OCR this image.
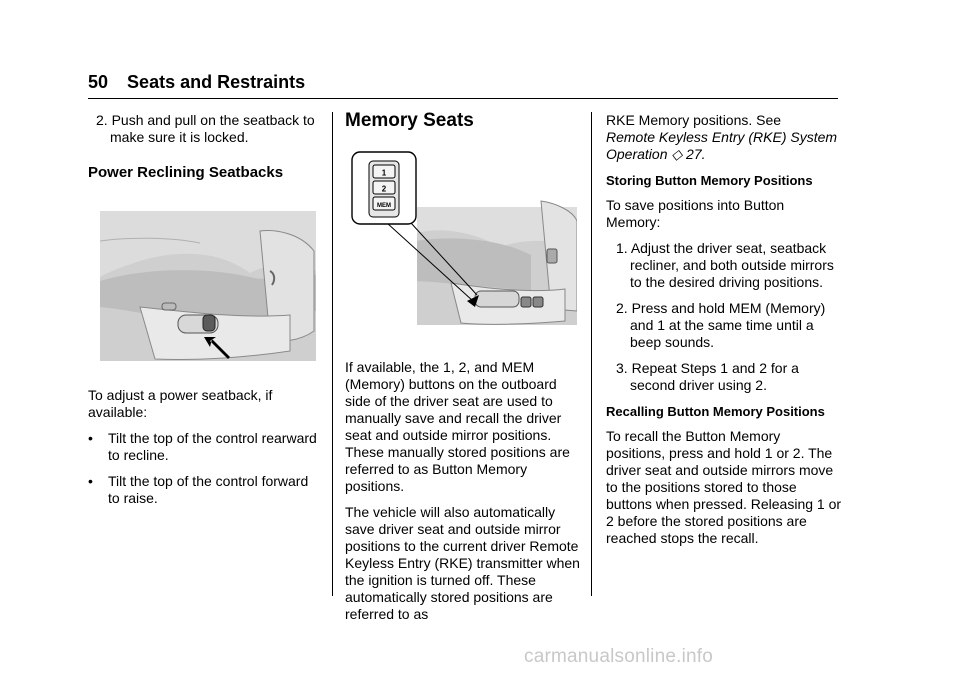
50 Seats and Restraints
2. Push and pull on the seatback to make sure it is locked.
Power Reclining Seatbacks

To adjust a power seatback, if available:

•	Tilt the top of the control rearward to recline.
•	Tilt the top of the control forward to raise.
Memory Seats
1
2
MEM

If available, the 1, 2, and MEM (Memory) buttons on the outboard side of the driver seat are used to manually save and recall the driver seat and outside mirror positions. These manually stored positions are referred to as Button Memory positions.

The vehicle will also automatically save driver seat and outside mirror positions to the current driver Remote Keyless Entry (RKE) transmitter when the ignition is turned off. These automatically stored positions are referred to as

RKE Memory positions. See
Remote Keyless Entry (RKE) System Operation ◇ 27.

Storing Button Memory Positions

To save positions into Button Memory:

1. Adjust the driver seat, seatback recliner, and both outside mirrors to the desired driving positions.
2. Press and hold MEM (Memory) and 1 at the same time until a beep sounds.
3. Repeat Steps 1 and 2 for a second driver using 2.
Recalling Button Memory Positions

To recall the Button Memory positions, press and hold 1 or 2. The driver seat and outside mirrors move to the positions stored to those buttons when pressed. Releasing 1 or 2 before the stored positions are reached stops the recall.

carmanualsonline.info
